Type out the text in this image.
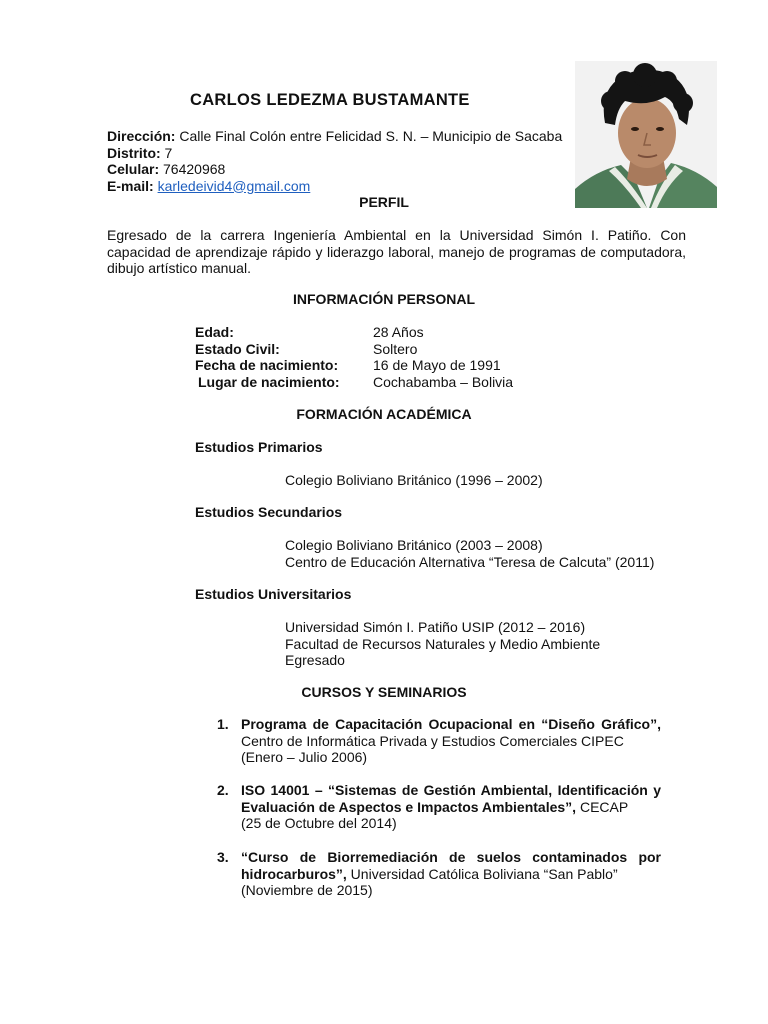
CARLOS LEDEZMA BUSTAMANTE
Dirección: Calle Final Colón entre Felicidad S. N. – Municipio de Sacaba
Distrito: 7
Celular: 76420968
E-mail: karledeivid4@gmail.com
PERFIL
Egresado de la carrera Ingeniería Ambiental en la Universidad Simón I. Patiño. Con capacidad de aprendizaje rápido y liderazgo laboral, manejo de programas de computadora, dibujo artístico manual.
INFORMACIÓN PERSONAL
Edad:	28 Años
Estado Civil:	Soltero
Fecha de nacimiento:	16 de Mayo de 1991
Lugar de nacimiento:	Cochabamba – Bolivia
FORMACIÓN ACADÉMICA
Estudios Primarios
Colegio Boliviano Británico (1996 – 2002)
Estudios Secundarios
Colegio Boliviano Británico (2003 – 2008)
Centro de Educación Alternativa “Teresa de Calcuta” (2011)
Estudios Universitarios
Universidad Simón I. Patiño USIP (2012 – 2016)
Facultad de Recursos Naturales y Medio Ambiente
Egresado
CURSOS Y SEMINARIOS
1. Programa de Capacitación Ocupacional en “Diseño Gráfico”, Centro de Informática Privada y Estudios Comerciales CIPEC
(Enero – Julio 2006)
2. ISO 14001 – “Sistemas de Gestión Ambiental, Identificación y Evaluación de Aspectos e Impactos Ambientales”, CECAP
(25 de Octubre del 2014)
3. “Curso de Biorremediación de suelos contaminados por hidrocarburos”, Universidad Católica Boliviana “San Pablo”
(Noviembre de 2015)
